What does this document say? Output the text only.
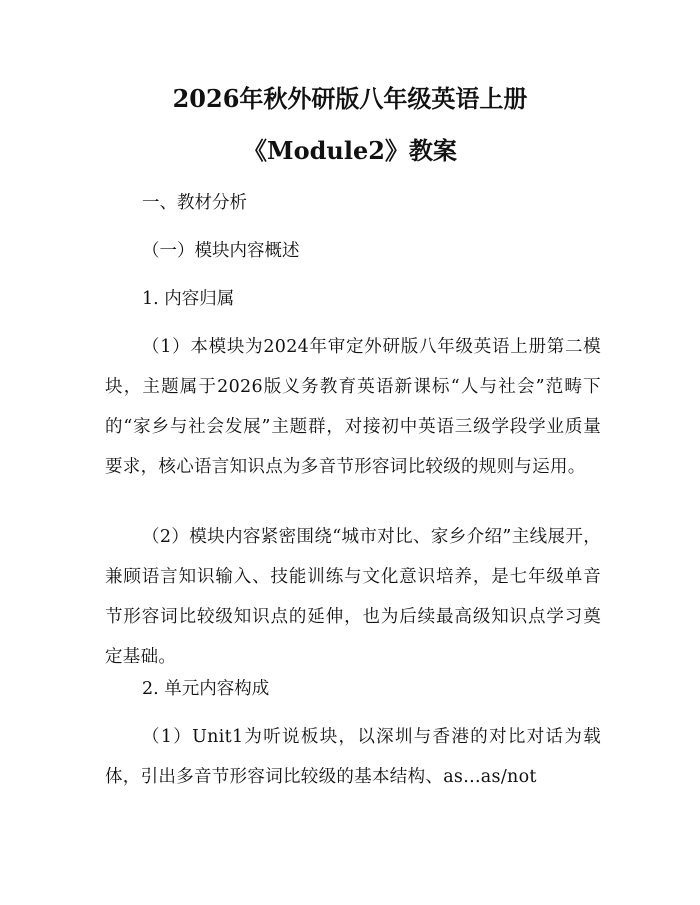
2026年秋外研版八年级英语上册
《Module2》教案
一、教材分析
（一）模块内容概述
1. 内容归属
（1）本模块为2024年审定外研版八年级英语上册第二模块，主题属于2026版义务教育英语新课标“人与社会”范畴下的“家乡与社会发展”主题群，对接初中英语三级学段学业质量要求，核心语言知识点为多音节形容词比较级的规则与运用。
（2）模块内容紧密围绕“城市对比、家乡介绍”主线展开，兼顾语言知识输入、技能训练与文化意识培养，是七年级单音节形容词比较级知识点的延伸，也为后续最高级知识点学习奠定基础。
2. 单元内容构成
（1）Unit1为听说板块，以深圳与香港的对比对话为载体，引出多音节形容词比较级的基本结构、as...as/not
